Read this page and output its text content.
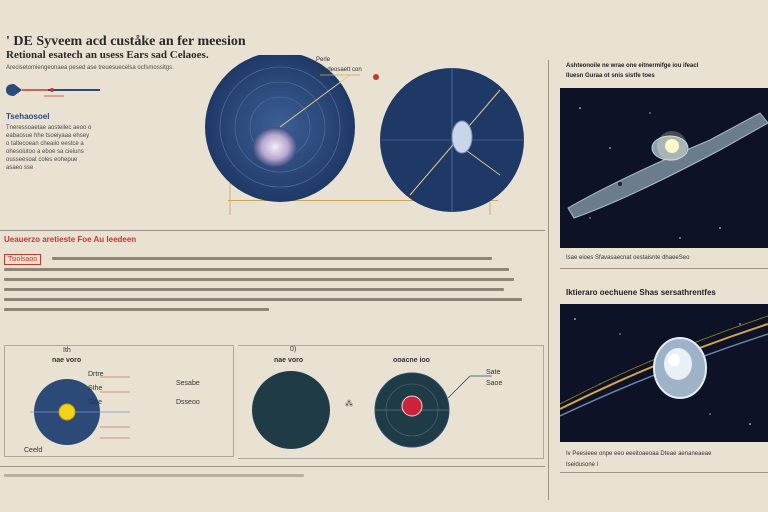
' DE Syveem acd custåke an fer meesion
Retional esatech an usess Ears sad Celaoes.
Arecisetomiengeonaea pesed ase treuesuecelsa ocfsmossitgs.
Tsehaosoel
Tneressoaetae aosteilec aeoo o
eabaosue hhe tsoeiyaaa ehsey
o taltecoean cheaiio eestce a
ohesoiutoo a eboe sa cieiuns
ousseesoat coles eohepue
asaeo sse
Perle
De deosaett con
Ueauerzo aretieste Foe Au Ieedeen
Tsiolsaoo
Ith
nae voro
Drtre
Sthe
Sloe
Sesabe
Dsseoo
Ceeld
0)
nae voro	ooacne ioo
⁂
Sate
Saoe
Ashteonoile ne wrae one eitnermifge iou ifeacl
Iluesn Guraa ot snis sistfe toes
Isae eioes Sfavasaecnat oestaisnte dhaeeSeo
Iktieraro oechuene Shas sersathrentfes
Iv Peesieee onpe eeo eeeitoaeoaa Dteae aenaneaeae
Iseidusone l
